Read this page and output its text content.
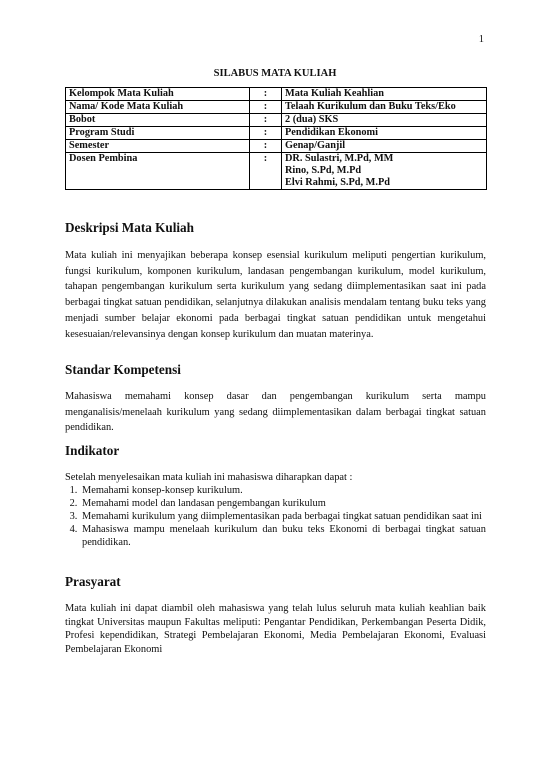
1
SILABUS MATA KULIAH
Kelompok Mata Kuliah	:	Mata Kuliah Keahlian
Nama/ Kode Mata Kuliah	:	Telaah Kurikulum dan Buku Teks/Eko
Bobot	:	2 (dua) SKS
Program Studi	:	Pendidikan Ekonomi
Semester	:	Genap/Ganjil
Dosen Pembina	:	DR. Sulastri, M.Pd, MM
Rino, S.Pd, M.Pd
Elvi Rahmi, S.Pd, M.Pd
Deskripsi Mata Kuliah

Mata kuliah ini menyajikan beberapa konsep esensial kurikulum meliputi pengertian kurikulum, fungsi kurikulum, komponen kurikulum, landasan pengembangan kurikulum, model kurikulum, tahapan pengembangan kurikulum serta kurikulum yang sedang diimplementasikan saat ini pada berbagai tingkat satuan pendidikan, selanjutnya dilakukan analisis mendalam tentang buku teks yang menjadi sumber belajar ekonomi pada berbagai tingkat satuan pendidikan untuk mengetahui kesesuaian/relevansinya dengan konsep kurikulum dan muatan materinya.

Standar Kompetensi

Mahasiswa memahami konsep dasar dan pengembangan kurikulum serta mampu menganalisis/menelaah kurikulum yang sedang diimplementasikan dalam berbagai tingkat satuan pendidikan.

Indikator

Setelah menyelesaikan mata kuliah ini mahasiswa diharapkan dapat :

1. Memahami konsep-konsep kurikulum.
2. Memahami model dan landasan pengembangan kurikulum
3. Memahami kurikulum yang diimplementasikan pada berbagai tingkat satuan pendidikan saat ini
4. Mahasiswa mampu menelaah kurikulum dan buku teks Ekonomi di berbagai tingkat satuan pendidikan.
Prasyarat

Mata kuliah ini dapat diambil oleh mahasiswa yang telah lulus seluruh mata kuliah keahlian baik tingkat Universitas maupun Fakultas meliputi: Pengantar Pendidikan, Perkembangan Peserta Didik, Profesi kependidikan, Strategi Pembelajaran Ekonomi, Media Pembelajaran Ekonomi, Evaluasi Pembelajaran Ekonomi
